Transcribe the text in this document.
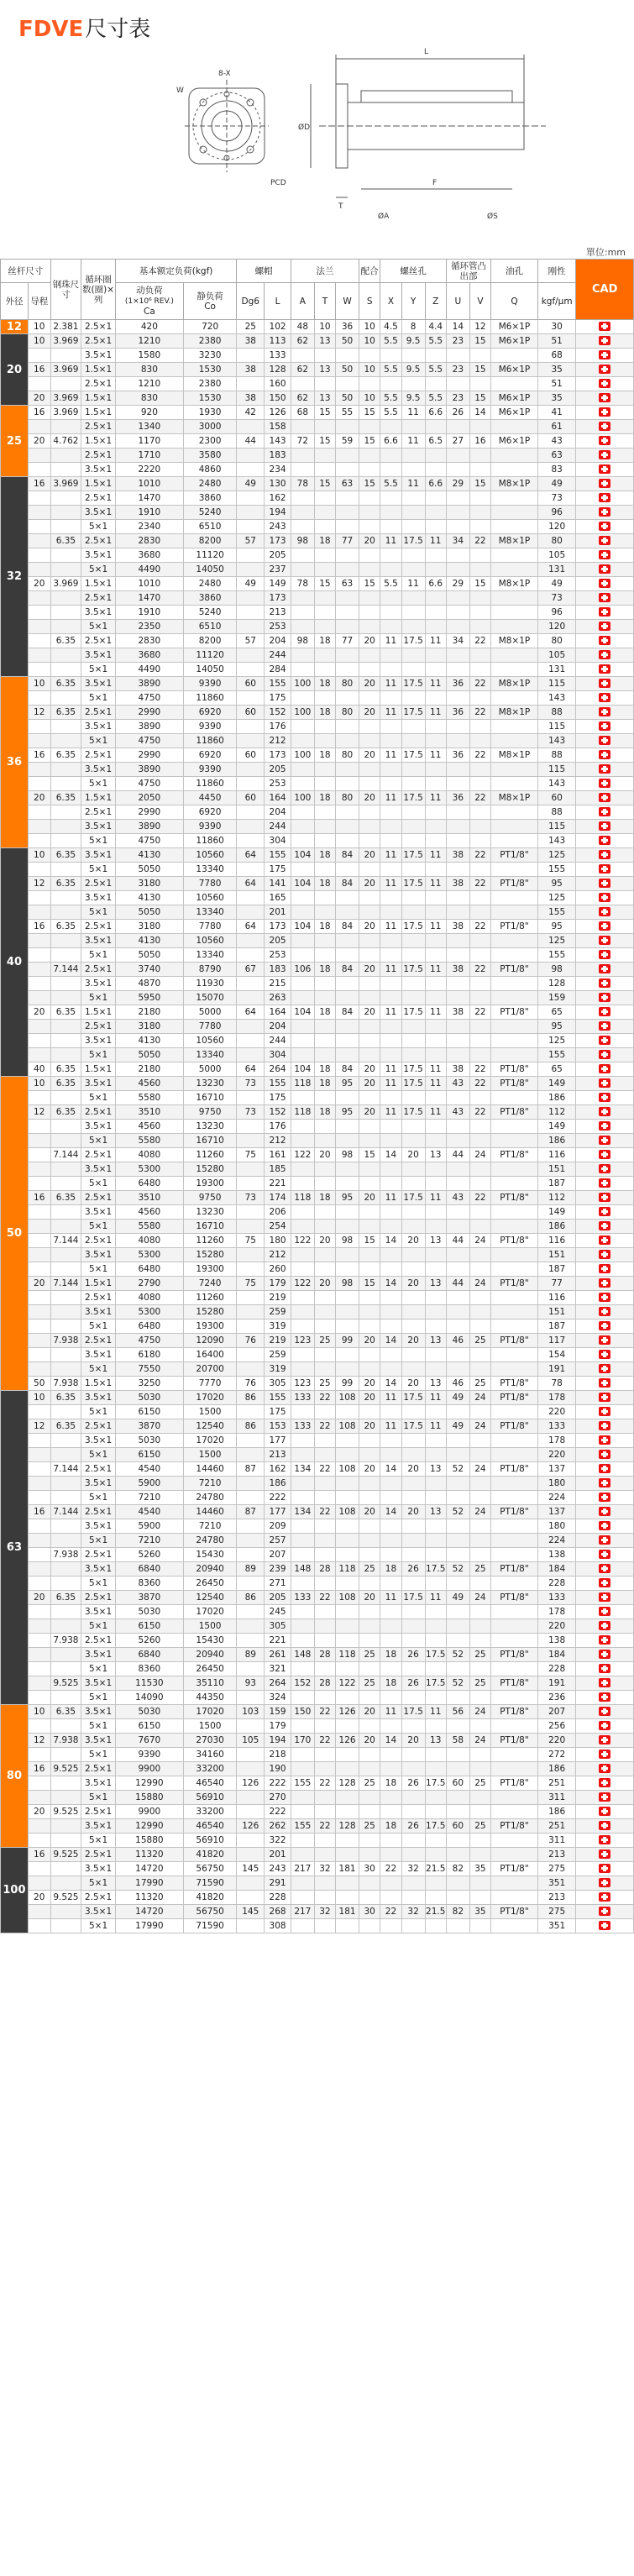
FDVE尺寸表
L
F
T
ØD
8-X
W
PCD
ØA	ØS
單位:mm
丝杆尺寸		钢珠尺寸	循环圈数(圈)×列	基本额定负荷(kgf)		螺帽		法兰			配合	螺丝孔			循环管凸出部		油孔	刚性	CAD
外径	导程			动负荷
(1×10⁶ REV.)
Ca	静负荷
Co	Dg6	L	A	T	W	S	X	Y	Z	U	V	Q	kgf/μm	

12	10	2.381	2.5×1	420	720	25	102	48	10	36	10	4.5	8	4.4	14	12	M6×1P	30	
20	10	3.969	2.5×1	1210	2380	38	113	62	13	50	10	5.5	9.5	5.5	23	15	M6×1P	51	
			3.5×1	1580	3230		133											68	
	16	3.969	1.5×1	830	1530	38	128	62	13	50	10	5.5	9.5	5.5	23	15	M6×1P	35	
			2.5×1	1210	2380		160											51	
	20	3.969	1.5×1	830	1530	38	150	62	13	50	10	5.5	9.5	5.5	23	15	M6×1P	35	
25	16	3.969	1.5×1	920	1930	42	126	68	15	55	15	5.5	11	6.6	26	14	M6×1P	41	
			2.5×1	1340	3000		158											61	
	20	4.762	1.5×1	1170	2300	44	143	72	15	59	15	6.6	11	6.5	27	16	M6×1P	43	
			2.5×1	1710	3580		183											63	
			3.5×1	2220	4860		234											83	
32	16	3.969	1.5×1	1010	2480	49	130	78	15	63	15	5.5	11	6.6	29	15	M8×1P	49	
			2.5×1	1470	3860		162											73	
			3.5×1	1910	5240		194											96	
			5×1	2340	6510		243											120	
		6.35	2.5×1	2830	8200	57	173	98	18	77	20	11	17.5	11	34	22	M8×1P	80	
			3.5×1	3680	11120		205											105	
			5×1	4490	14050		237											131	
	20	3.969	1.5×1	1010	2480	49	149	78	15	63	15	5.5	11	6.6	29	15	M8×1P	49	
			2.5×1	1470	3860		173											73	
			3.5×1	1910	5240		213											96	
			5×1	2350	6510		253											120	
		6.35	2.5×1	2830	8200	57	204	98	18	77	20	11	17.5	11	34	22	M8×1P	80	
			3.5×1	3680	11120		244											105	
			5×1	4490	14050		284											131	
36	10	6.35	3.5×1	3890	9390	60	155	100	18	80	20	11	17.5	11	36	22	M8×1P	115	
			5×1	4750	11860		175											143	
	12	6.35	2.5×1	2990	6920	60	152	100	18	80	20	11	17.5	11	36	22	M8×1P	88	
			3.5×1	3890	9390		176											115	
			5×1	4750	11860		212											143	
	16	6.35	2.5×1	2990	6920	60	173	100	18	80	20	11	17.5	11	36	22	M8×1P	88	
			3.5×1	3890	9390		205											115	
			5×1	4750	11860		253											143	
	20	6.35	1.5×1	2050	4450	60	164	100	18	80	20	11	17.5	11	36	22	M8×1P	60	
			2.5×1	2990	6920		204											88	
			3.5×1	3890	9390		244											115	
			5×1	4750	11860		304											143	
40	10	6.35	3.5×1	4130	10560	64	155	104	18	84	20	11	17.5	11	38	22	PT1/8"	125	
			5×1	5050	13340		175											155	
	12	6.35	2.5×1	3180	7780	64	141	104	18	84	20	11	17.5	11	38	22	PT1/8"	95	
			3.5×1	4130	10560		165											125	
			5×1	5050	13340		201											155	
	16	6.35	2.5×1	3180	7780	64	173	104	18	84	20	11	17.5	11	38	22	PT1/8"	95	
			3.5×1	4130	10560		205											125	
			5×1	5050	13340		253											155	
		7.144	2.5×1	3740	8790	67	183	106	18	84	20	11	17.5	11	38	22	PT1/8"	98	
			3.5×1	4870	11930		215											128	
			5×1	5950	15070		263											159	
	20	6.35	1.5×1	2180	5000	64	164	104	18	84	20	11	17.5	11	38	22	PT1/8"	65	
			2.5×1	3180	7780		204											95	
			3.5×1	4130	10560		244											125	
			5×1	5050	13340		304											155	
	40	6.35	1.5×1	2180	5000	64	264	104	18	84	20	11	17.5	11	38	22	PT1/8"	65	
50	10	6.35	3.5×1	4560	13230	73	155	118	18	95	20	11	17.5	11	43	22	PT1/8"	149	
			5×1	5580	16710		175											186	
	12	6.35	2.5×1	3510	9750	73	152	118	18	95	20	11	17.5	11	43	22	PT1/8"	112	
			3.5×1	4560	13230		176											149	
			5×1	5580	16710		212											186	
		7.144	2.5×1	4080	11260	75	161	122	20	98	15	14	20	13	44	24	PT1/8"	116	
			3.5×1	5300	15280		185											151	
			5×1	6480	19300		221											187	
	16	6.35	2.5×1	3510	9750	73	174	118	18	95	20	11	17.5	11	43	22	PT1/8"	112	
			3.5×1	4560	13230		206											149	
			5×1	5580	16710		254											186	
		7.144	2.5×1	4080	11260	75	180	122	20	98	15	14	20	13	44	24	PT1/8"	116	
			3.5×1	5300	15280		212											151	
			5×1	6480	19300		260											187	
	20	7.144	1.5×1	2790	7240	75	179	122	20	98	15	14	20	13	44	24	PT1/8"	77	
			2.5×1	4080	11260		219											116	
			3.5×1	5300	15280		259											151	
			5×1	6480	19300		319											187	
		7.938	2.5×1	4750	12090	76	219	123	25	99	20	14	20	13	46	25	PT1/8"	117	
			3.5×1	6180	16400		259											154	
			5×1	7550	20700		319											191	
	50	7.938	1.5×1	3250	7770	76	305	123	25	99	20	14	20	13	46	25	PT1/8"	78	
63	10	6.35	3.5×1	5030	17020	86	155	133	22	108	20	11	17.5	11	49	24	PT1/8"	178	
			5×1	6150	1500		175											220	
	12	6.35	2.5×1	3870	12540	86	153	133	22	108	20	11	17.5	11	49	24	PT1/8"	133	
			3.5×1	5030	17020		177											178	
			5×1	6150	1500		213											220	
		7.144	2.5×1	4540	14460	87	162	134	22	108	20	14	20	13	52	24	PT1/8"	137	
			3.5×1	5900	7210		186											180	
			5×1	7210	24780		222											224	
	16	7.144	2.5×1	4540	14460	87	177	134	22	108	20	14	20	13	52	24	PT1/8"	137	
			3.5×1	5900	7210		209											180	
			5×1	7210	24780		257											224	
		7.938	2.5×1	5260	15430		207											138	
			3.5×1	6840	20940	89	239	148	28	118	25	18	26	17.5	52	25	PT1/8"	184	
			5×1	8360	26450		271											228	
	20	6.35	2.5×1	3870	12540	86	205	133	22	108	20	11	17.5	11	49	24	PT1/8"	133	
			3.5×1	5030	17020		245											178	
			5×1	6150	1500		305											220	
		7.938	2.5×1	5260	15430		221											138	
			3.5×1	6840	20940	89	261	148	28	118	25	18	26	17.5	52	25	PT1/8"	184	
			5×1	8360	26450		321											228	
		9.525	3.5×1	11530	35110	93	264	152	28	122	25	18	26	17.5	52	25	PT1/8"	191	
			5×1	14090	44350		324											236	
80	10	6.35	3.5×1	5030	17020	103	159	150	22	126	20	11	17.5	11	56	24	PT1/8"	207	
			5×1	6150	1500		179											256	
	12	7.938	3.5×1	7670	27030	105	194	170	22	126	20	14	20	13	58	24	PT1/8"	220	
			5×1	9390	34160		218											272	
	16	9.525	2.5×1	9900	33200		190											186	
			3.5×1	12990	46540	126	222	155	22	128	25	18	26	17.5	60	25	PT1/8"	251	
			5×1	15880	56910		270											311	
	20	9.525	2.5×1	9900	33200		222											186	
			3.5×1	12990	46540	126	262	155	22	128	25	18	26	17.5	60	25	PT1/8"	251	
			5×1	15880	56910		322											311	
100	16	9.525	2.5×1	11320	41820		201											213	
			3.5×1	14720	56750	145	243	217	32	181	30	22	32	21.5	82	35	PT1/8"	275	
			5×1	17990	71590		291											351	
	20	9.525	2.5×1	11320	41820		228											213	
			3.5×1	14720	56750	145	268	217	32	181	30	22	32	21.5	82	35	PT1/8"	275	
			5×1	17990	71590		308											351	
